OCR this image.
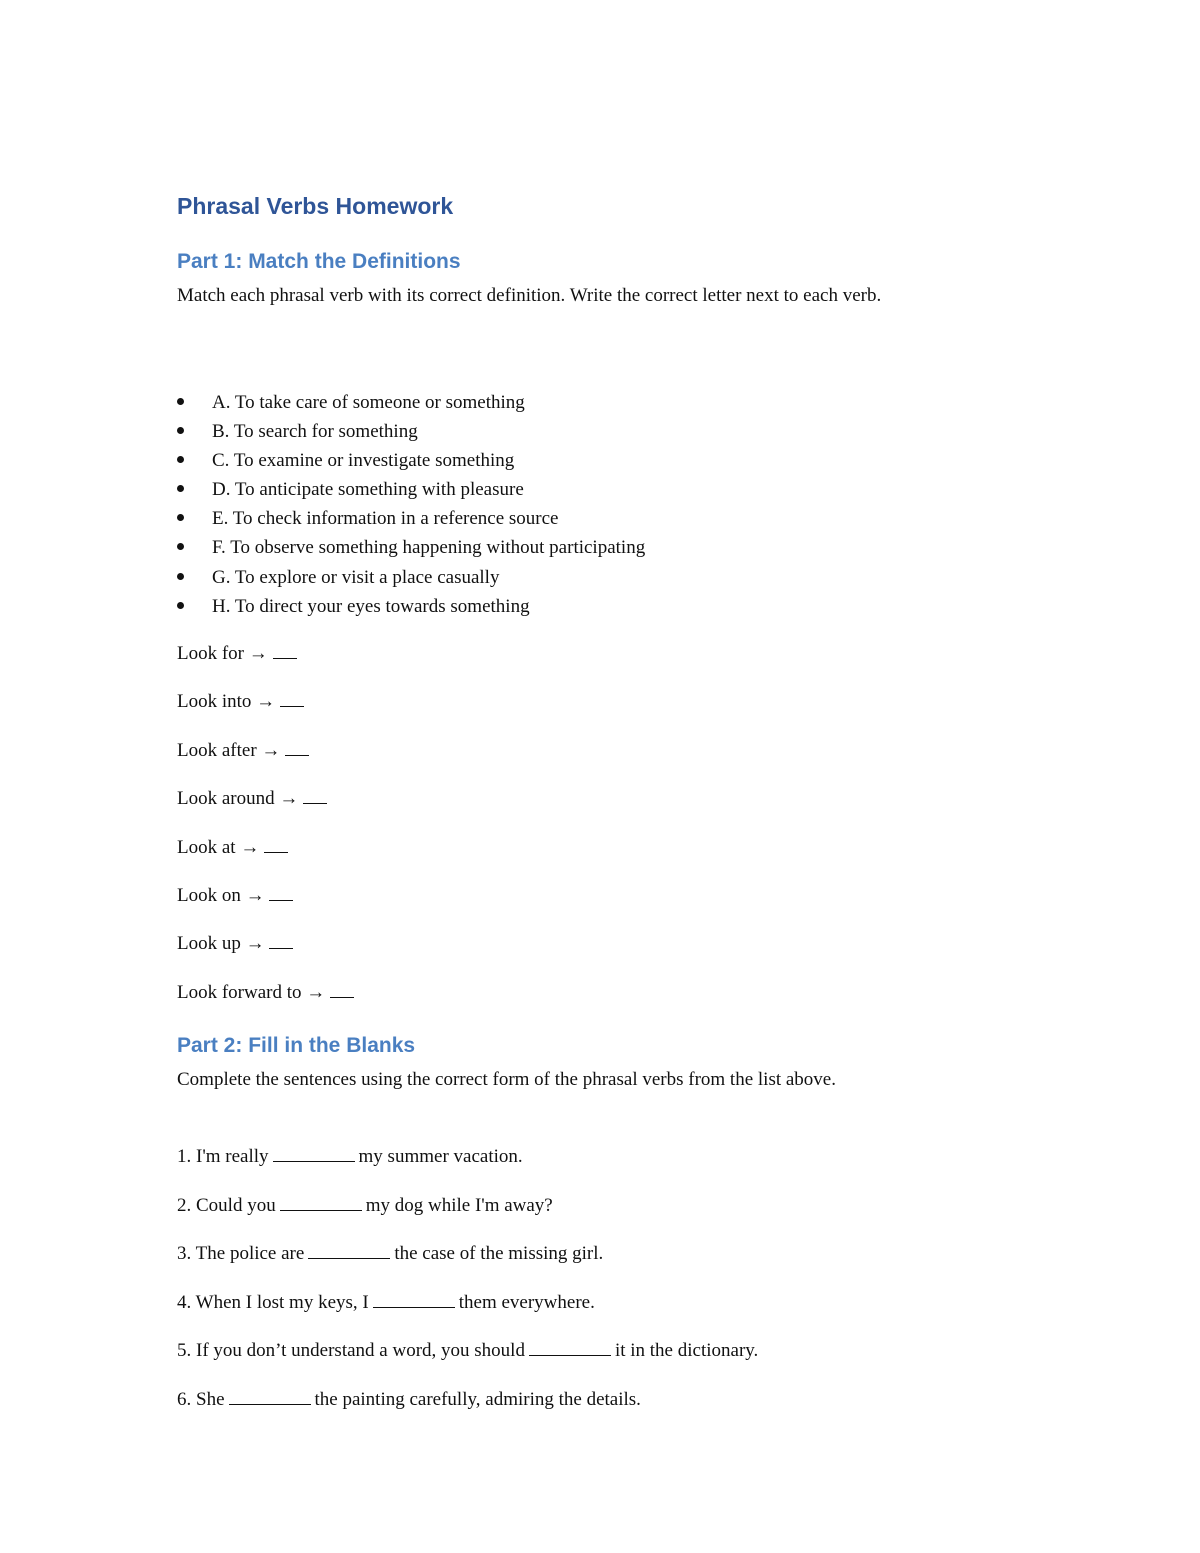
Phrasal Verbs Homework
Part 1: Match the Definitions

Match each phrasal verb with its correct definition. Write the correct letter next to each verb.

A. To take care of someone or something
B. To search for something
C. To examine or investigate something
D. To anticipate something with pleasure
E. To check information in a reference source
F. To observe something happening without participating
G. To explore or visit a place casually
H. To direct your eyes towards something
Look for →
Look into →
Look after →
Look around →
Look at →
Look on →
Look up →
Look forward to →
Part 2: Fill in the Blanks

Complete the sentences using the correct form of the phrasal verbs from the list above.

1. I'm really	my summer vacation.
2. Could you	my dog while I'm away?
3. The police are	the case of the missing girl.
4. When I lost my keys, I	them everywhere.
5. If you don’t understand a word, you should	it in the dictionary.
6. She	the painting carefully, admiring the details.
